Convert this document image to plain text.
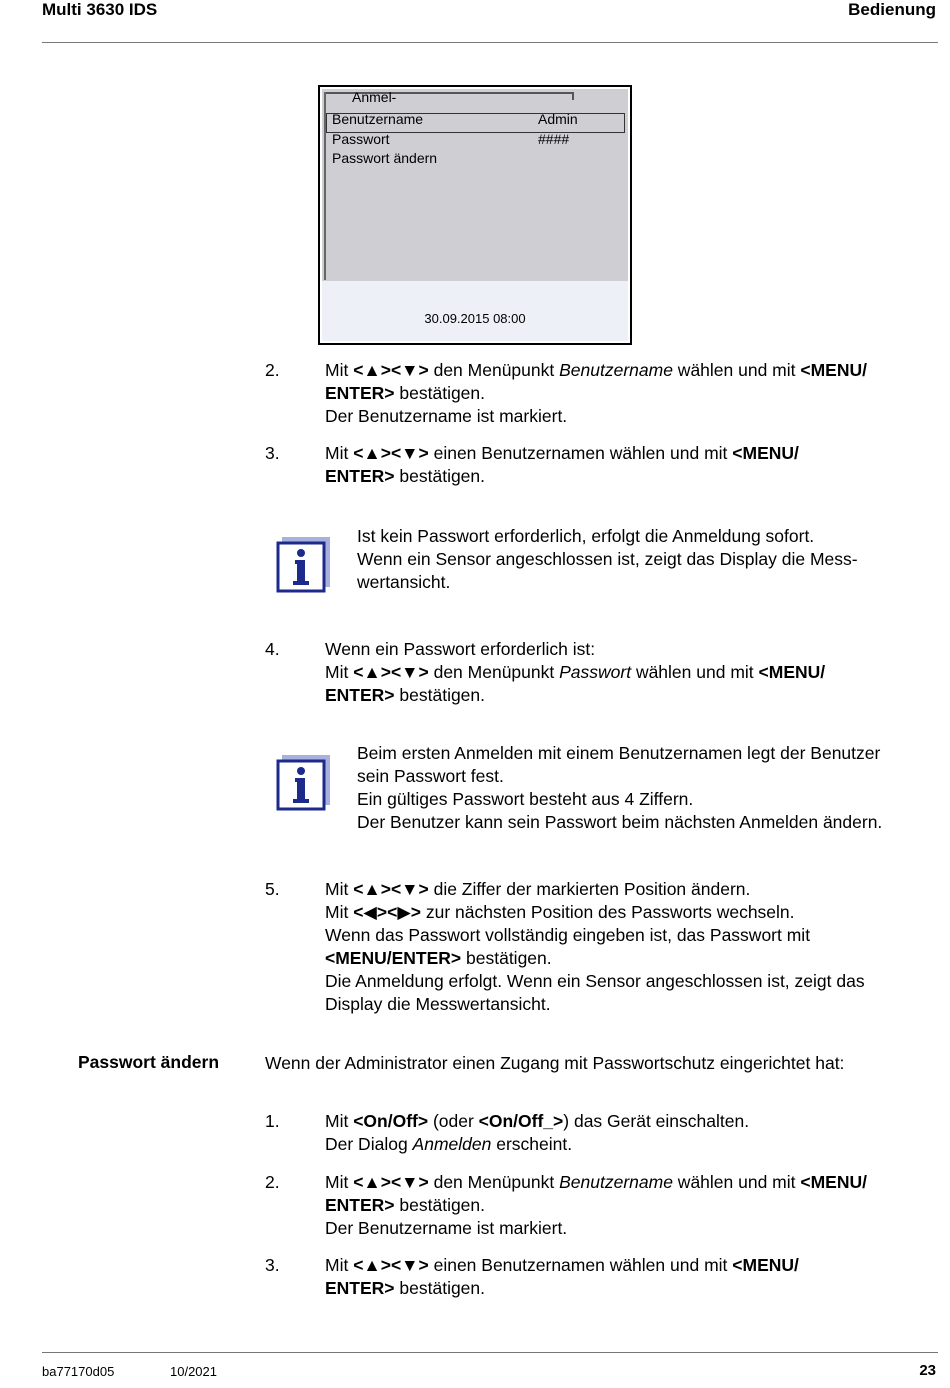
Multi 3630 IDS	Bedienung
Anmel-
Benutzername	Admin
Passwort	####
Passwort ändern
30.09.2015 08:00
2.	Mit <▲><▼> den Menüpunkt Benutzername wählen und mit <MENU/
ENTER> bestätigen.
Der Benutzername ist markiert.
3.	Mit <▲><▼> einen Benutzernamen wählen und mit <MENU/
ENTER> bestätigen.
Ist kein Passwort erforderlich, erfolgt die Anmeldung sofort.
Wenn ein Sensor angeschlossen ist, zeigt das Display die Mess-
wertansicht.
4.	Wenn ein Passwort erforderlich ist:
Mit <▲><▼> den Menüpunkt Passwort wählen und mit <MENU/
ENTER> bestätigen.
Beim ersten Anmelden mit einem Benutzernamen legt der Benutzer
sein Passwort fest.
Ein gültiges Passwort besteht aus 4 Ziffern.
Der Benutzer kann sein Passwort beim nächsten Anmelden ändern.
5.	Mit <▲><▼> die Ziffer der markierten Position ändern.
Mit <◀><▶> zur nächsten Position des Passworts wechseln.
Wenn das Passwort vollständig eingeben ist, das Passwort mit
<MENU/ENTER> bestätigen.
Die Anmeldung erfolgt. Wenn ein Sensor angeschlossen ist, zeigt das
Display die Messwertansicht.
Passwort ändern	Wenn der Administrator einen Zugang mit Passwortschutz eingerichtet hat:
1.	Mit <On/Off> (oder <On/Off_>) das Gerät einschalten.
Der Dialog Anmelden erscheint.
2.	Mit <▲><▼> den Menüpunkt Benutzername wählen und mit <MENU/
ENTER> bestätigen.
Der Benutzername ist markiert.
3.	Mit <▲><▼> einen Benutzernamen wählen und mit <MENU/
ENTER> bestätigen.
ba77170d05	10/2021	23
